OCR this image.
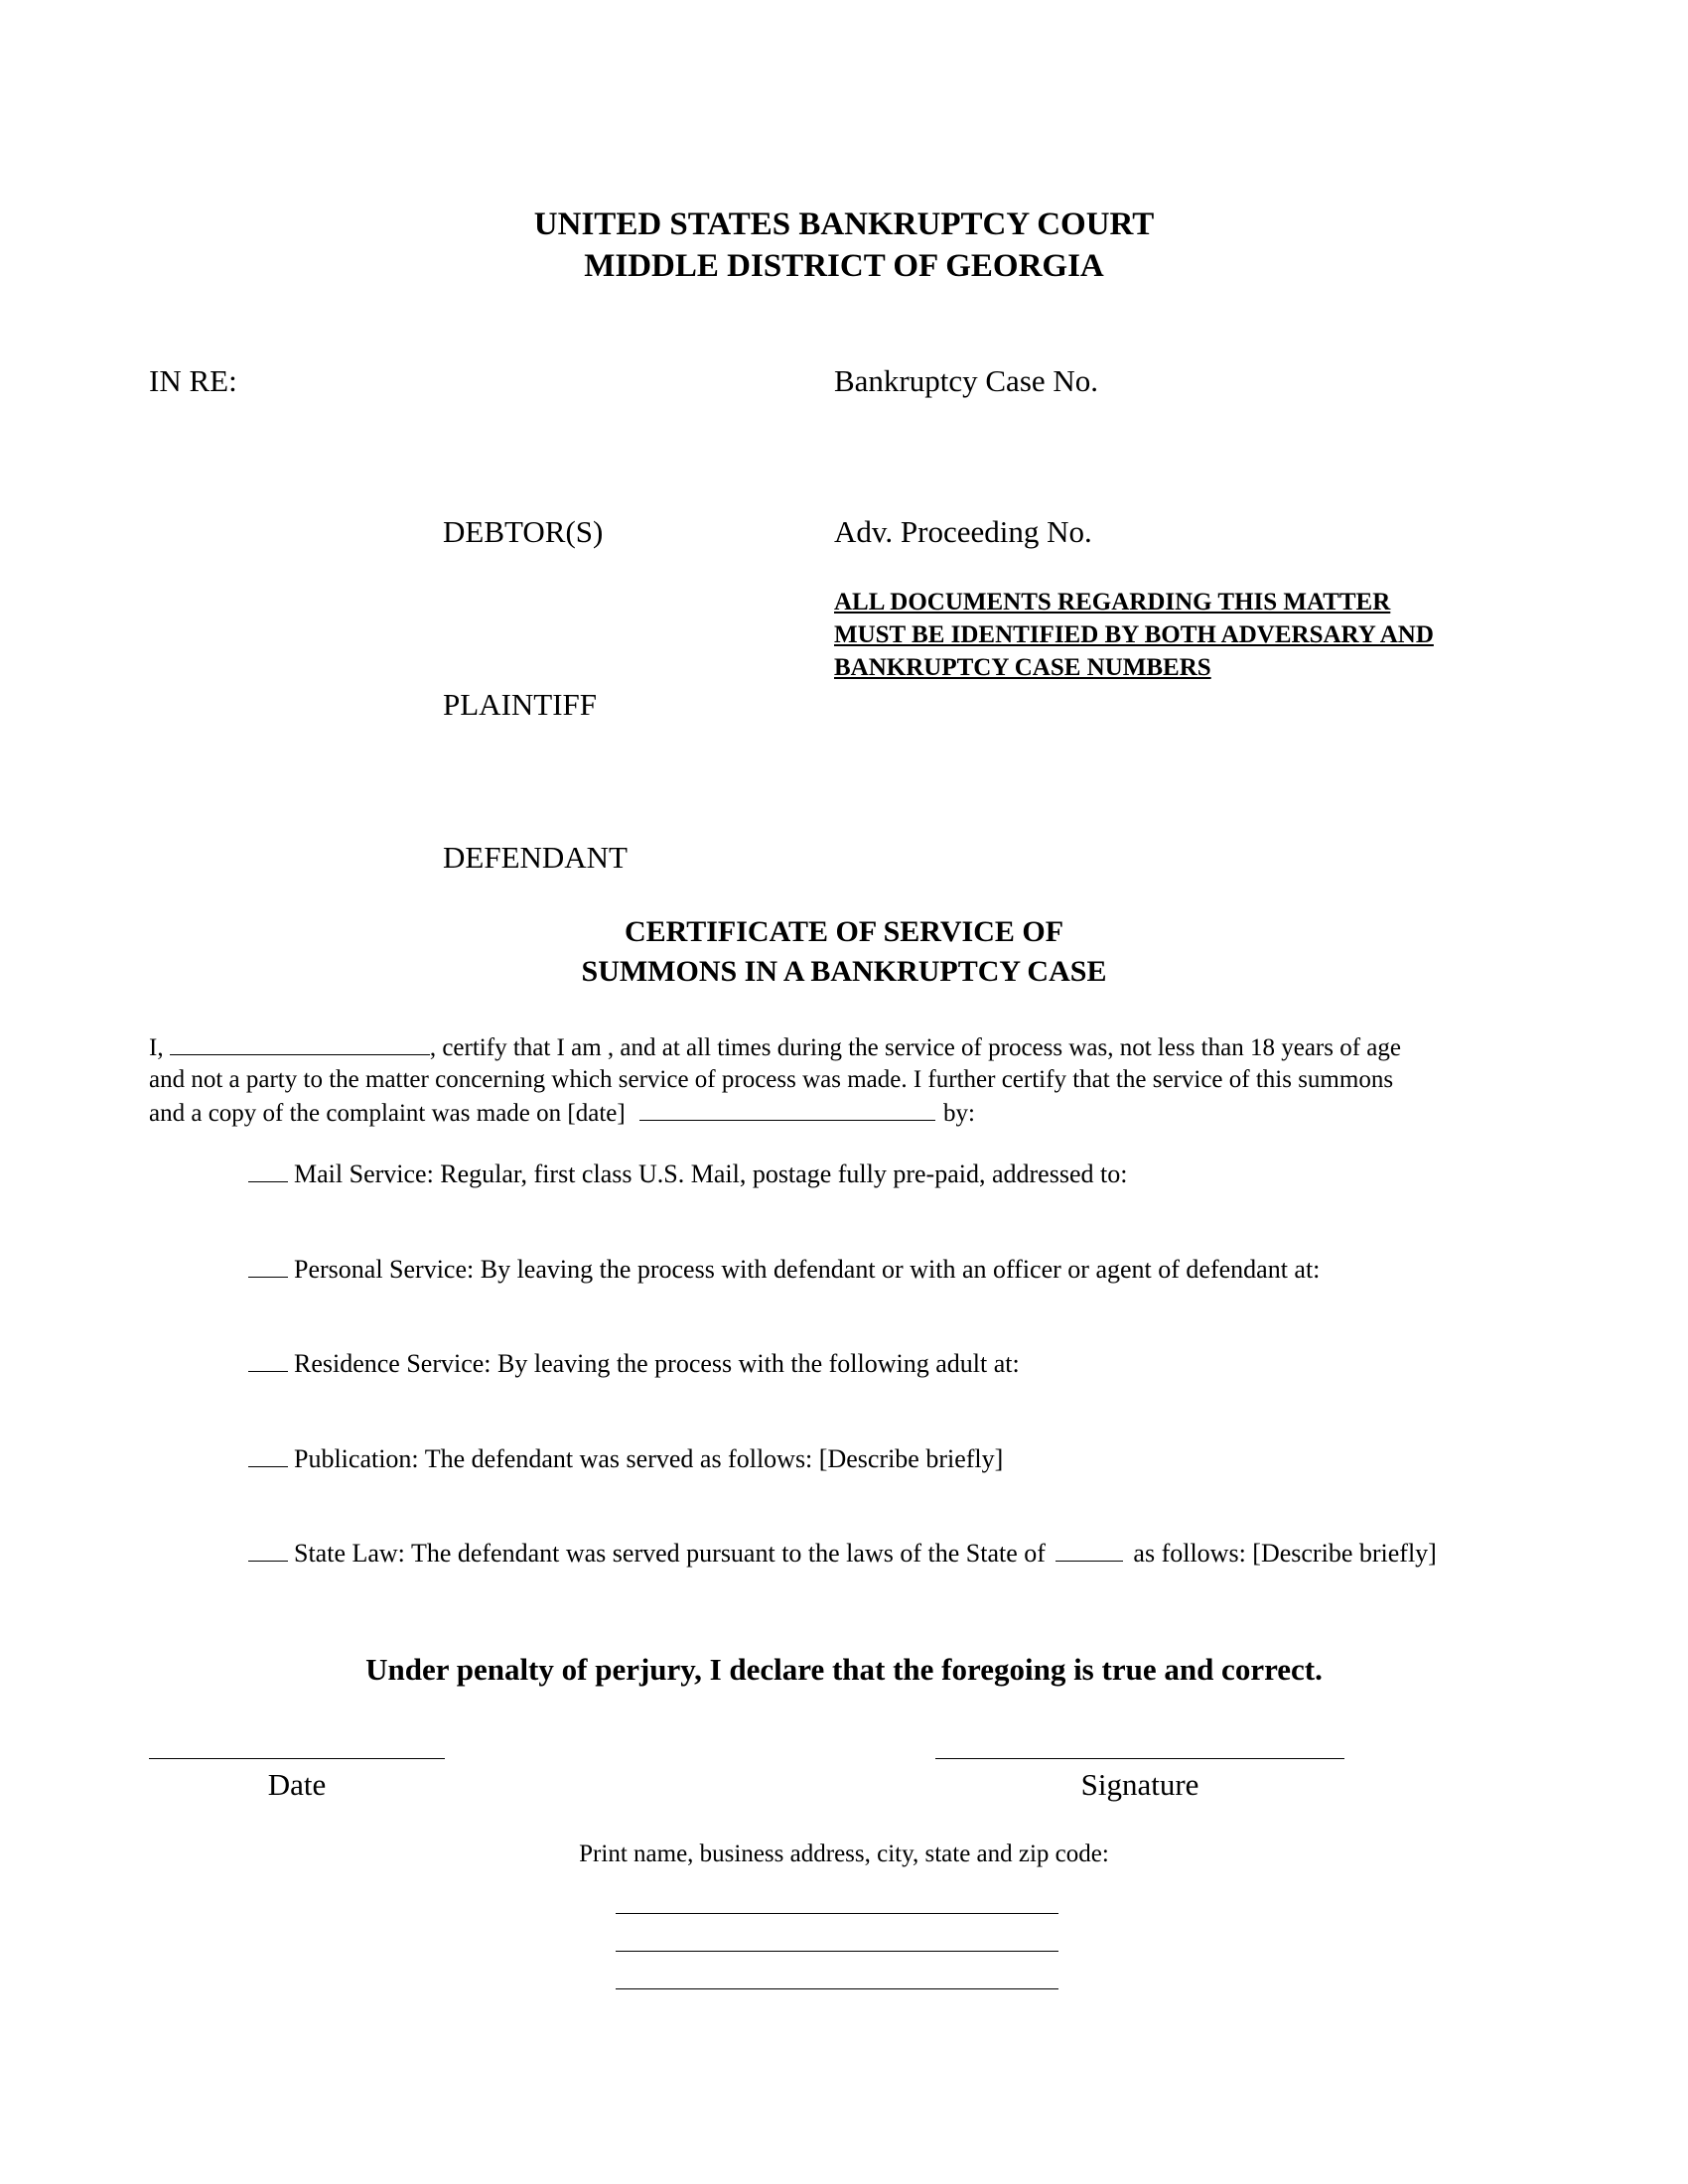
UNITED STATES BANKRUPTCY COURT
MIDDLE DISTRICT OF GEORGIA
IN RE:	Bankruptcy Case No.
DEBTOR(S)	Adv. Proceeding No.
ALL DOCUMENTS REGARDING THIS MATTER
MUST BE IDENTIFIED BY BOTH ADVERSARY AND
BANKRUPTCY CASE NUMBERS
PLAINTIFF
DEFENDANT
CERTIFICATE OF SERVICE OF
SUMMONS IN A BANKRUPTCY CASE
I,	, certify that I am , and at all times during the service of process was, not less than 18 years of age
and not a party to the matter concerning which service of process was made. I further certify that the service of this summons
and a copy of the complaint was made on [date]	by:
Mail Service: Regular, first class U.S. Mail, postage fully pre-paid, addressed to:
Personal Service: By leaving the process with defendant or with an officer or agent of defendant at:
Residence Service: By leaving the process with the following adult at:
Publication: The defendant was served as follows: [Describe briefly]
State Law: The defendant was served pursuant to the laws of the State of	as follows: [Describe briefly]
Under penalty of perjury, I declare that the foregoing is true and correct.
Date	Signature
Print name, business address, city, state and zip code:
